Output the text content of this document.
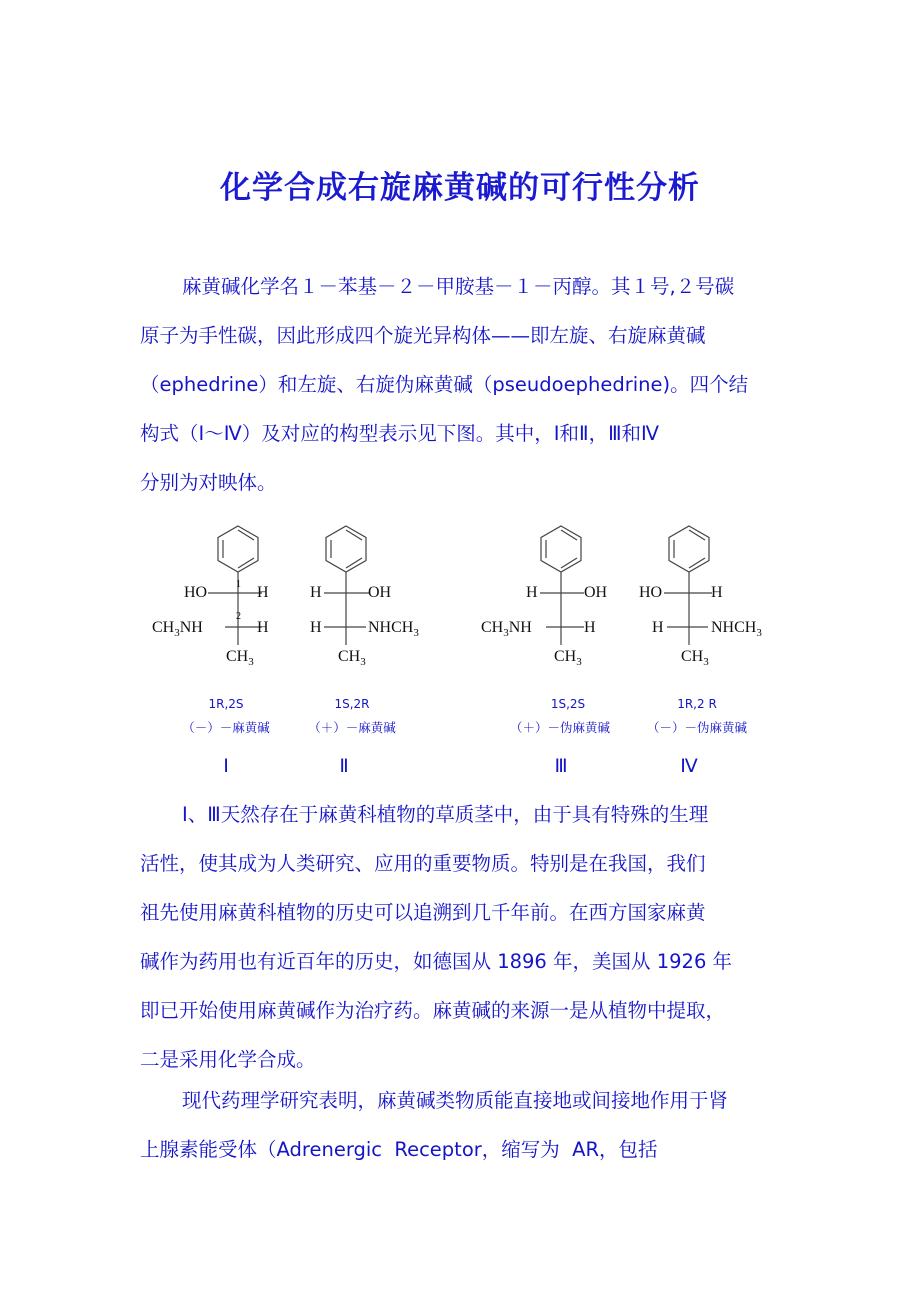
化学合成右旋麻黄碱的可行性分析
麻黄碱化学名１－苯基－２－甲胺基－１－丙醇。其１号,２号碳
原子为手性碳，因此形成四个旋光异构体——即左旋、右旋麻黄碱
（ephedrine）和左旋、右旋伪麻黄碱（pseudoephedrine)。四个结
构式（Ⅰ～Ⅳ）及对应的构型表示见下图。其中，Ⅰ和Ⅱ，Ⅲ和Ⅳ
分别为对映体。
HO	H
1
2
$CH_3NH$	H
$CH_3$
H	OH
H	$NHCH_3$
$CH_3$
H	OH
$CH_3NH$	H
$CH_3$
HO	H
H	$NHCH_3$
$CH_3$
1R,2S	1S,2R	1S,2S	1R,2 R
（－）－麻黄碱	（＋）－麻黄碱	（＋）－伪麻黄碱	（－）－伪麻黄碱
Ⅰ	Ⅱ	Ⅲ	Ⅳ
Ⅰ、Ⅲ天然存在于麻黄科植物的草质茎中，由于具有特殊的生理
活性，使其成为人类研究、应用的重要物质。特别是在我国，我们
祖先使用麻黄科植物的历史可以追溯到几千年前。在西方国家麻黄
碱作为药用也有近百年的历史，如德国从 1896 年，美国从 1926 年
即已开始使用麻黄碱作为治疗药。麻黄碱的来源一是从植物中提取，
二是采用化学合成。
现代药理学研究表明，麻黄碱类物质能直接地或间接地作用于肾
上腺素能受体（Adrenergic  Receptor，缩写为  AR，包括
